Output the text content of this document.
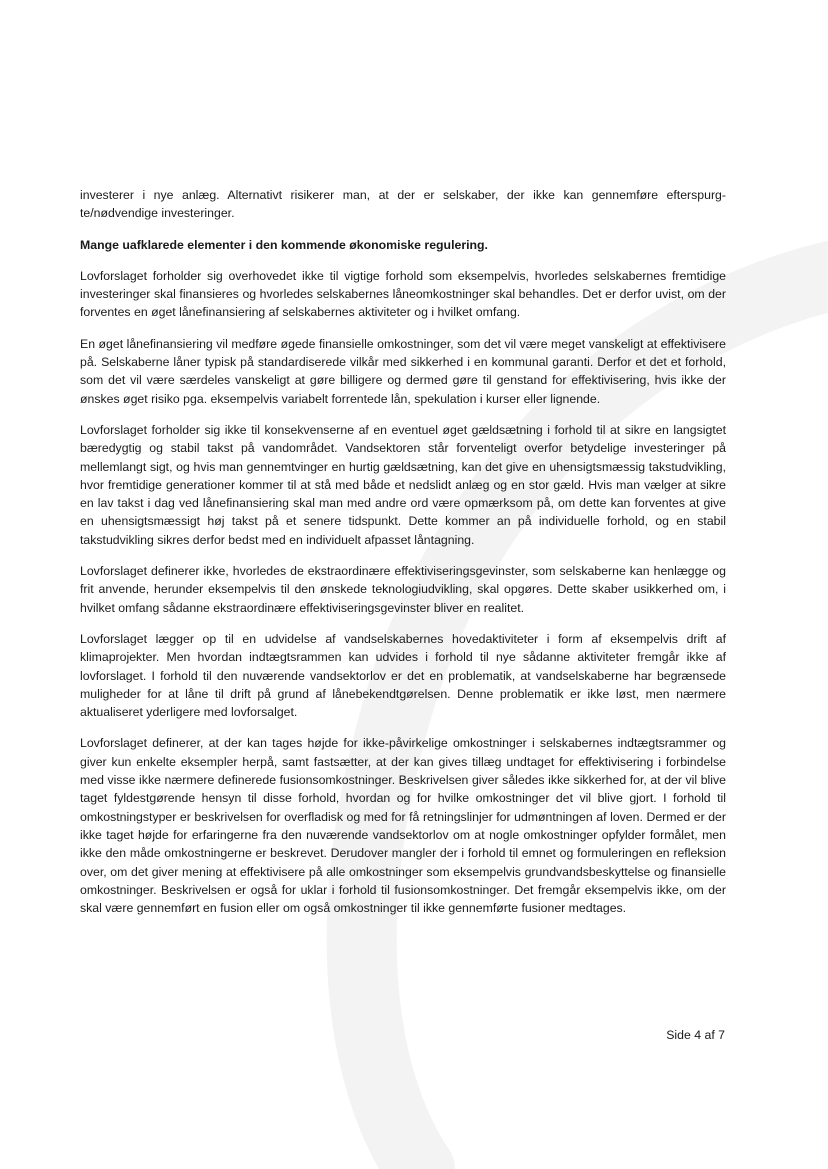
investerer i nye anlæg. Alternativt risikerer man, at der er selskaber, der ikke kan gennemføre efterspurg-te/nødvendige investeringer.

Mange uafklarede elementer i den kommende økonomiske regulering.

Lovforslaget forholder sig overhovedet ikke til vigtige forhold som eksempelvis, hvorledes selskabernes fremtidige investeringer skal finansieres og hvorledes selskabernes låneomkostninger skal behandles. Det er derfor uvist, om der forventes en øget lånefinansiering af selskabernes aktiviteter og i hvilket omfang.

En øget lånefinansiering vil medføre øgede finansielle omkostninger, som det vil være meget vanskeligt at effektivisere på. Selskaberne låner typisk på standardiserede vilkår med sikkerhed i en kommunal garanti. Derfor et det et forhold, som det vil være særdeles vanskeligt at gøre billigere og dermed gøre til genstand for effektivisering, hvis ikke der ønskes øget risiko pga. eksempelvis variabelt forrentede lån, spekulation i kurser eller lignende.

Lovforslaget forholder sig ikke til konsekvenserne af en eventuel øget gældsætning i forhold til at sikre en langsigtet bæredygtig og stabil takst på vandområdet. Vandsektoren står forventeligt overfor betydelige investeringer på mellemlangt sigt, og hvis man gennemtvinger en hurtig gældsætning, kan det give en uhensigtsmæssig takstudvikling, hvor fremtidige generationer kommer til at stå med både et nedslidt anlæg og en stor gæld. Hvis man vælger at sikre en lav takst i dag ved lånefinansiering skal man med andre ord være opmærksom på, om dette kan forventes at give en uhensigtsmæssigt høj takst på et senere tidspunkt. Dette kommer an på individuelle forhold, og en stabil takstudvikling sikres derfor bedst med en individuelt afpasset låntagning.

Lovforslaget definerer ikke, hvorledes de ekstraordinære effektiviseringsgevinster, som selskaberne kan henlægge og frit anvende, herunder eksempelvis til den ønskede teknologiudvikling, skal opgøres. Dette skaber usikkerhed om, i hvilket omfang sådanne ekstraordinære effektiviseringsgevinster bliver en realitet.

Lovforslaget lægger op til en udvidelse af vandselskabernes hovedaktiviteter i form af eksempelvis drift af klimaprojekter. Men hvordan indtægtsrammen kan udvides i forhold til nye sådanne aktiviteter fremgår ikke af lovforslaget. I forhold til den nuværende vandsektorlov er det en problematik, at vandselskaberne har begrænsede muligheder for at låne til drift på grund af lånebekendtgørelsen. Denne problematik er ikke løst, men nærmere aktualiseret yderligere med lovforsalget.

Lovforslaget definerer, at der kan tages højde for ikke-påvirkelige omkostninger i selskabernes indtægtsrammer og giver kun enkelte eksempler herpå, samt fastsætter, at der kan gives tillæg undtaget for effektivisering i forbindelse med visse ikke nærmere definerede fusionsomkostninger. Beskrivelsen giver således ikke sikkerhed for, at der vil blive taget fyldestgørende hensyn til disse forhold, hvordan og for hvilke omkostninger det vil blive gjort. I forhold til omkostningstyper er beskrivelsen for overfladisk og med for få retningslinjer for udmøntningen af loven. Dermed er der ikke taget højde for erfaringerne fra den nuværende vandsektorlov om at nogle omkostninger opfylder formålet, men ikke den måde omkostningerne er beskrevet. Derudover mangler der i forhold til emnet og formuleringen en refleksion over, om det giver mening at effektivisere på alle omkostninger som eksempelvis grundvandsbeskyttelse og finansielle omkostninger. Beskrivelsen er også for uklar i forhold til fusionsomkostninger. Det fremgår eksempelvis ikke, om der skal være gennemført en fusion eller om også omkostninger til ikke gennemførte fusioner medtages.

Side 4 af 7
